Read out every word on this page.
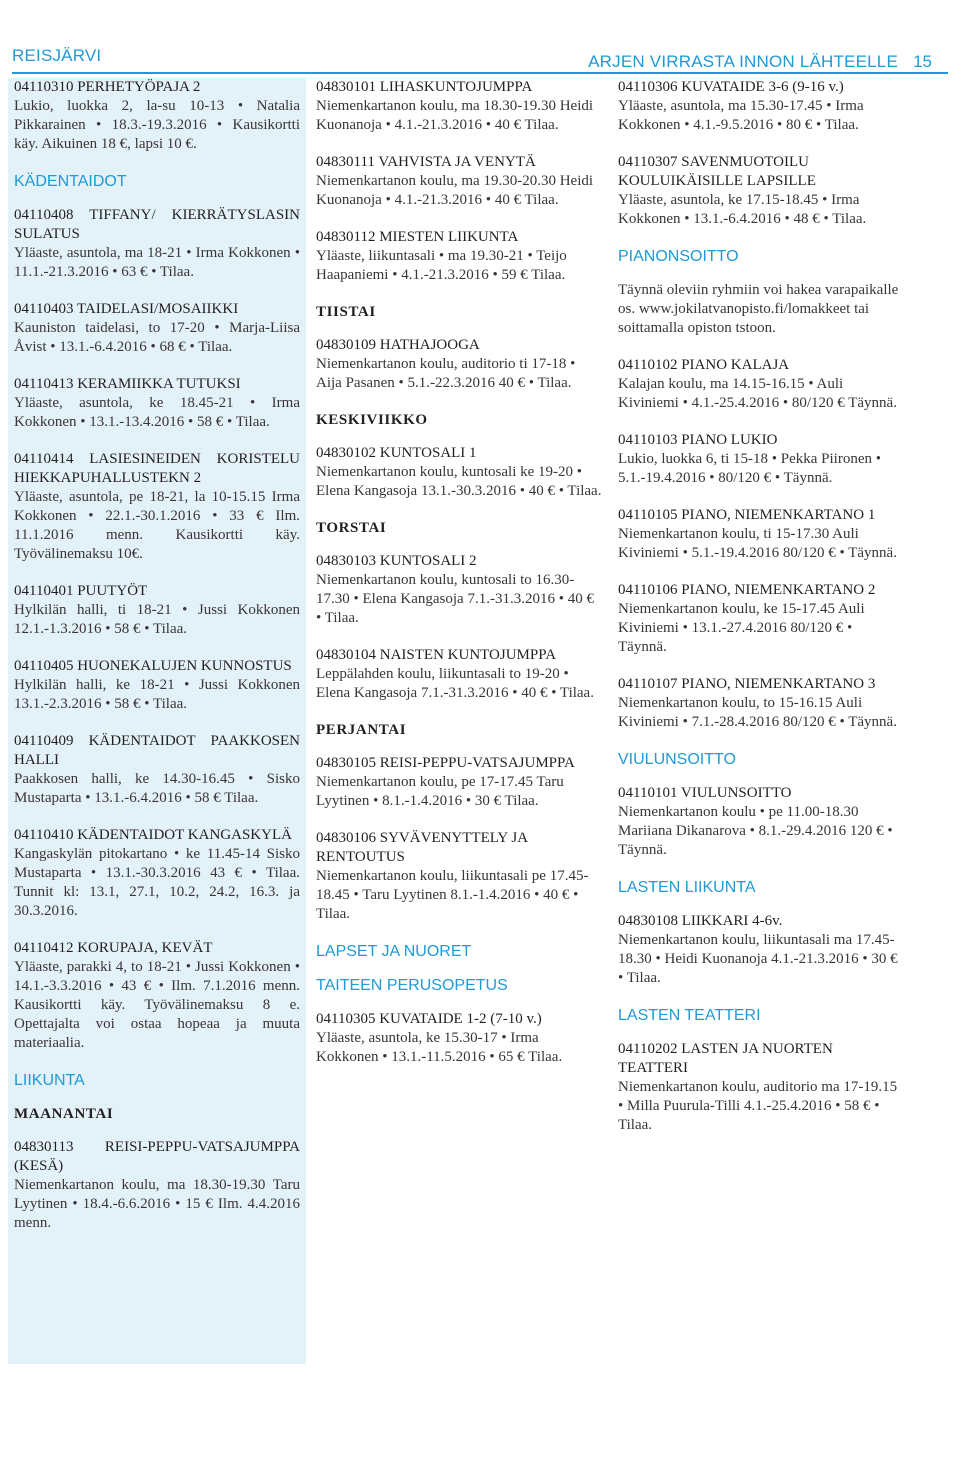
REISJÄRVI	ARJEN VIRRASTA INNON LÄHTEELLE 15
04110310 PERHETYÖPAJA 2
Lukio, luokka 2, la-su 10-13 • Natalia Pikkarainen • 18.3.-19.3.2016 • Kausikortti käy. Aikuinen 18 €, lapsi 10 €.
KÄDENTAIDOT
04110408 TIFFANY/ KIERRÄTYSLASIN SULATUS
Yläaste, asuntola, ma 18-21 • Irma Kokkonen • 11.1.-21.3.2016 • 63 € • Tilaa.
04110403 TAIDELASI/MOSAIIKKI
Kauniston taidelasi, to 17-20 • Marja-Liisa Åvist • 13.1.-6.4.2016 • 68 € • Tilaa.
04110413 KERAMIIKKA TUTUKSI
Yläaste, asuntola, ke 18.45-21 • Irma Kokkonen • 13.1.-13.4.2016 • 58 € • Tilaa.
04110414 LASIESINEIDEN KORISTELU HIEKKAPUHALLUSTEKN 2
Yläaste, asuntola, pe 18-21, la 10-15.15 Irma Kokkonen • 22.1.-30.1.2016 • 33 € Ilm. 11.1.2016 menn. Kausikortti käy. Työvälinemaksu 10€.
04110401 PUUTYÖT
Hylkilän halli, ti 18-21 • Jussi Kokkonen 12.1.-1.3.2016 • 58 € • Tilaa.
04110405 HUONEKALUJEN KUNNOSTUS
Hylkilän halli, ke 18-21 • Jussi Kokkonen 13.1.-2.3.2016 • 58 € • Tilaa.
04110409 KÄDENTAIDOT PAAKKOSEN HALLI
Paakkosen halli, ke 14.30-16.45 • Sisko Mustaparta • 13.1.-6.4.2016 • 58 € Tilaa.
04110410 KÄDENTAIDOT KANGASKYLÄ
Kangaskylän pitokartano • ke 11.45-14 Sisko Mustaparta • 13.1.-30.3.2016 43 € • Tilaa. Tunnit kl: 13.1, 27.1, 10.2, 24.2, 16.3. ja 30.3.2016.
04110412 KORUPAJA, KEVÄT
Yläaste, parakki 4, to 18-21 • Jussi Kokkonen • 14.1.-3.3.2016 • 43 € • Ilm. 7.1.2016 menn. Kausikortti käy. Työvälinemaksu 8 e. Opettajalta voi ostaa hopeaa ja muuta materiaalia.
LIIKUNTA
MAANANTAI
04830113 REISI-PEPPU-VATSAJUMPPA (KESÄ)
Niemenkartanon koulu, ma 18.30-19.30 Taru Lyytinen • 18.4.-6.6.2016 • 15 € Ilm. 4.4.2016 menn.
04830101 LIHASKUNTOJUMPPA
Niemenkartanon koulu, ma 18.30-19.30 Heidi Kuonanoja • 4.1.-21.3.2016 • 40 € Tilaa.
04830111 VAHVISTA JA VENYTÄ
Niemenkartanon koulu, ma 19.30-20.30 Heidi Kuonanoja • 4.1.-21.3.2016 • 40 € Tilaa.
04830112 MIESTEN LIIKUNTA
Yläaste, liikuntasali • ma 19.30-21 • Teijo Haapaniemi • 4.1.-21.3.2016 • 59 € Tilaa.
TIISTAI
04830109 HATHAJOOGA
Niemenkartanon koulu, auditorio ti 17-18 • Aija Pasanen • 5.1.-22.3.2016 40 € • Tilaa.
KESKIVIIKKO
04830102 KUNTOSALI 1
Niemenkartanon koulu, kuntosali ke 19-20 • Elena Kangasoja 13.1.-30.3.2016 • 40 € • Tilaa.
TORSTAI
04830103 KUNTOSALI 2
Niemenkartanon koulu, kuntosali to 16.30-17.30 • Elena Kangasoja 7.1.-31.3.2016 • 40 € • Tilaa.
04830104 NAISTEN KUNTOJUMPPA
Leppälahden koulu, liikuntasali to 19-20 • Elena Kangasoja 7.1.-31.3.2016 • 40 € • Tilaa.
PERJANTAI
04830105 REISI-PEPPU-VATSAJUMPPA
Niemenkartanon koulu, pe 17-17.45 Taru Lyytinen • 8.1.-1.4.2016 • 30 € Tilaa.
04830106 SYVÄVENYTTELY JA RENTOUTUS
Niemenkartanon koulu, liikuntasali pe 17.45-18.45 • Taru Lyytinen 8.1.-1.4.2016 • 40 € • Tilaa.
LAPSET JA NUORET
TAITEEN PERUSOPETUS
04110305 KUVATAIDE 1-2 (7-10 v.)
Yläaste, asuntola, ke 15.30-17 • Irma Kokkonen • 13.1.-11.5.2016 • 65 € Tilaa.
04110306 KUVATAIDE 3-6 (9-16 v.)
Yläaste, asuntola, ma 15.30-17.45 • Irma Kokkonen • 4.1.-9.5.2016 • 80 € • Tilaa.
04110307 SAVENMUOTOILU KOULUIKÄISILLE LAPSILLE
Yläaste, asuntola, ke 17.15-18.45 • Irma Kokkonen • 13.1.-6.4.2016 • 48 € • Tilaa.
PIANONSOITTO
Täynnä oleviin ryhmiin voi hakea varapaikalle os. www.jokilatvanopisto.fi/lomakkeet tai soittamalla opiston tstoon.
04110102 PIANO KALAJA
Kalajan koulu, ma 14.15-16.15 • Auli Kiviniemi • 4.1.-25.4.2016 • 80/120 € Täynnä.
04110103 PIANO LUKIO
Lukio, luokka 6, ti 15-18 • Pekka Piironen • 5.1.-19.4.2016 • 80/120 € • Täynnä.
04110105 PIANO, NIEMENKARTANO 1
Niemenkartanon koulu, ti 15-17.30 Auli Kiviniemi • 5.1.-19.4.2016 80/120 € • Täynnä.
04110106 PIANO, NIEMENKARTANO 2
Niemenkartanon koulu, ke 15-17.45 Auli Kiviniemi • 13.1.-27.4.2016 80/120 € • Täynnä.
04110107 PIANO, NIEMENKARTANO 3
Niemenkartanon koulu, to 15-16.15 Auli Kiviniemi • 7.1.-28.4.2016 80/120 € • Täynnä.
VIULUNSOITTO
04110101 VIULUNSOITTO
Niemenkartanon koulu • pe 11.00-18.30 Mariiana Dikanarova • 8.1.-29.4.2016 120 € • Täynnä.
LASTEN LIIKUNTA
04830108 LIIKKARI 4-6v.
Niemenkartanon koulu, liikuntasali ma 17.45-18.30 • Heidi Kuonanoja 4.1.-21.3.2016 • 30 € • Tilaa.
LASTEN TEATTERI
04110202 LASTEN JA NUORTEN TEATTERI
Niemenkartanon koulu, auditorio ma 17-19.15 • Milla Puurula-Tilli 4.1.-25.4.2016 • 58 € • Tilaa.
